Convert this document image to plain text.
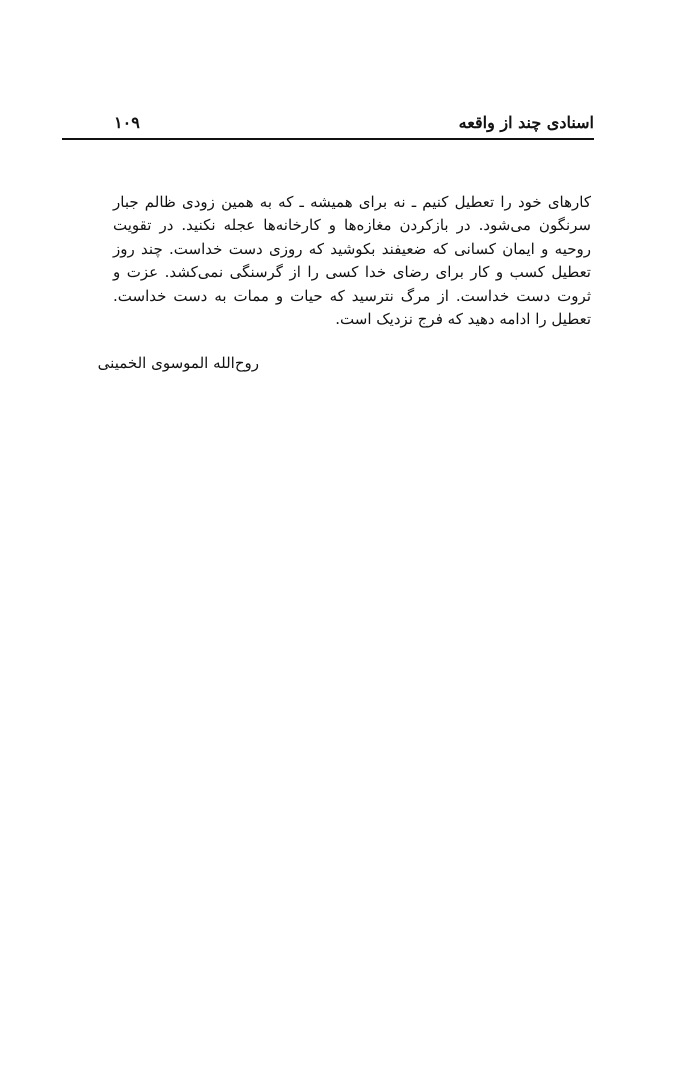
اسنادی چند از واقعه
۱۰۹

کارهای خود را تعطیل کنیم ـ نه برای همیشه ـ که به همین زودی ظالم جبار سرنگون می‌شود. در بازکردن مغازه‌ها و کارخانه‌ها عجله نکنید. در تقویت روحیه و ایمان کسانی که ضعیفند بکوشید که روزی دست خداست. چند روز تعطیل کسب و کار برای رضای خدا کسی را از گرسنگی نمی‌کشد. عزت و ثروت دست خداست. از مرگ نترسید که حیات و ممات به دست خداست. تعطیل را ادامه دهید که فرج نزدیک است.

روح‌الله الموسوی الخمینی
